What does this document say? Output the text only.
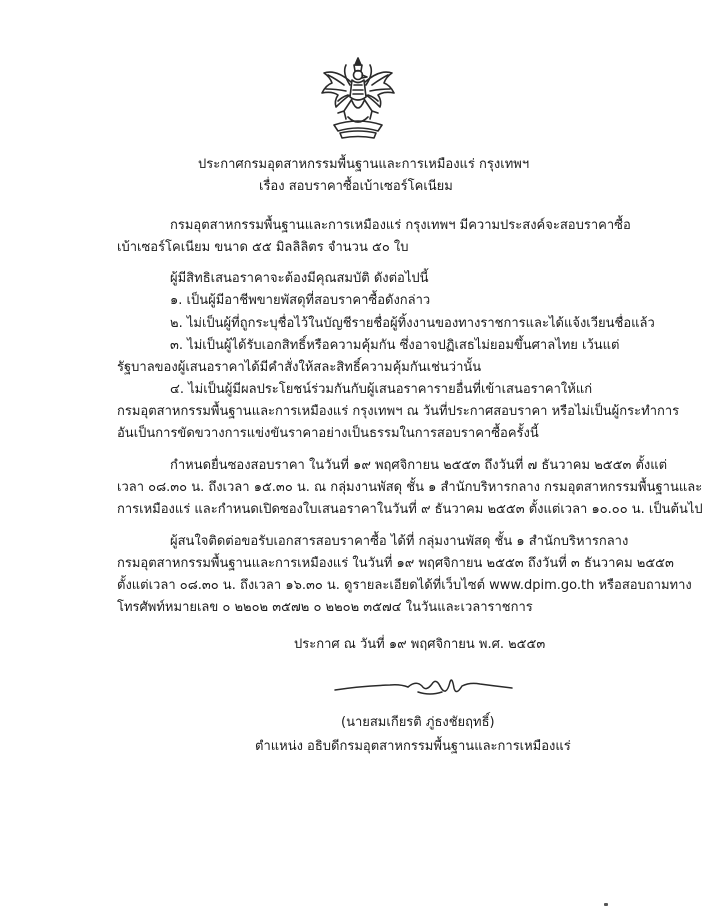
ประกาศกรมอุตสาหกรรมพื้นฐานและการเหมืองแร่ กรุงเทพฯ
เรื่อง สอบราคาซื้อเบ้าเซอร์โคเนียม
กรมอุตสาหกรรมพื้นฐานและการเหมืองแร่ กรุงเทพฯ มีความประสงค์จะสอบราคาซื้อ
เบ้าเซอร์โคเนียม ขนาด ๕๕ มิลลิลิตร จำนวน ๕๐ ใบ
ผู้มีสิทธิเสนอราคาจะต้องมีคุณสมบัติ ดังต่อไปนี้
๑. เป็นผู้มีอาชีพขายพัสดุที่สอบราคาซื้อดังกล่าว
๒. ไม่เป็นผู้ที่ถูกระบุชื่อไว้ในบัญชีรายชื่อผู้ทิ้งงานของทางราชการและได้แจ้งเวียนชื่อแล้ว
๓. ไม่เป็นผู้ได้รับเอกสิทธิ์หรือความคุ้มกัน ซึ่งอาจปฏิเสธไม่ยอมขึ้นศาลไทย เว้นแต่
รัฐบาลของผู้เสนอราคาได้มีคำสั่งให้สละสิทธิ์ความคุ้มกันเช่นว่านั้น
๔. ไม่เป็นผู้มีผลประโยชน์ร่วมกันกับผู้เสนอราคารายอื่นที่เข้าเสนอราคาให้แก่
กรมอุตสาหกรรมพื้นฐานและการเหมืองแร่ กรุงเทพฯ ณ วันที่ประกาศสอบราคา หรือไม่เป็นผู้กระทำการ
อันเป็นการขัดขวางการแข่งขันราคาอย่างเป็นธรรมในการสอบราคาซื้อครั้งนี้
กำหนดยื่นซองสอบราคา ในวันที่ ๑๙ พฤศจิกายน ๒๕๕๓ ถึงวันที่ ๗ ธันวาคม ๒๕๕๓ ตั้งแต่
เวลา ๐๘.๓๐ น. ถึงเวลา ๑๕.๓๐ น. ณ กลุ่มงานพัสดุ ชั้น ๑ สำนักบริหารกลาง กรมอุตสาหกรรมพื้นฐานและ
การเหมืองแร่ และกำหนดเปิดซองใบเสนอราคาในวันที่ ๙ ธันวาคม ๒๕๕๓ ตั้งแต่เวลา ๑๐.๐๐ น. เป็นต้นไป
ผู้สนใจติดต่อขอรับเอกสารสอบราคาซื้อ ได้ที่ กลุ่มงานพัสดุ ชั้น ๑ สำนักบริหารกลาง
กรมอุตสาหกรรมพื้นฐานและการเหมืองแร่ ในวันที่ ๑๙ พฤศจิกายน ๒๕๕๓ ถึงวันที่ ๓ ธันวาคม ๒๕๕๓
ตั้งแต่เวลา ๐๘.๓๐ น. ถึงเวลา ๑๖.๓๐ น. ดูรายละเอียดได้ที่เว็บไซต์ www.dpim.go.th หรือสอบถามทาง
โทรศัพท์หมายเลข ๐ ๒๒๐๒ ๓๕๗๒ ๐ ๒๒๐๒ ๓๕๗๔ ในวันและเวลาราชการ
ประกาศ ณ วันที่ ๑๙ พฤศจิกายน พ.ศ. ๒๕๕๓
(นายสมเกียรติ ภู่ธงชัยฤทธิ์)
ตำแหน่ง อธิบดีกรมอุตสาหกรรมพื้นฐานและการเหมืองแร่
